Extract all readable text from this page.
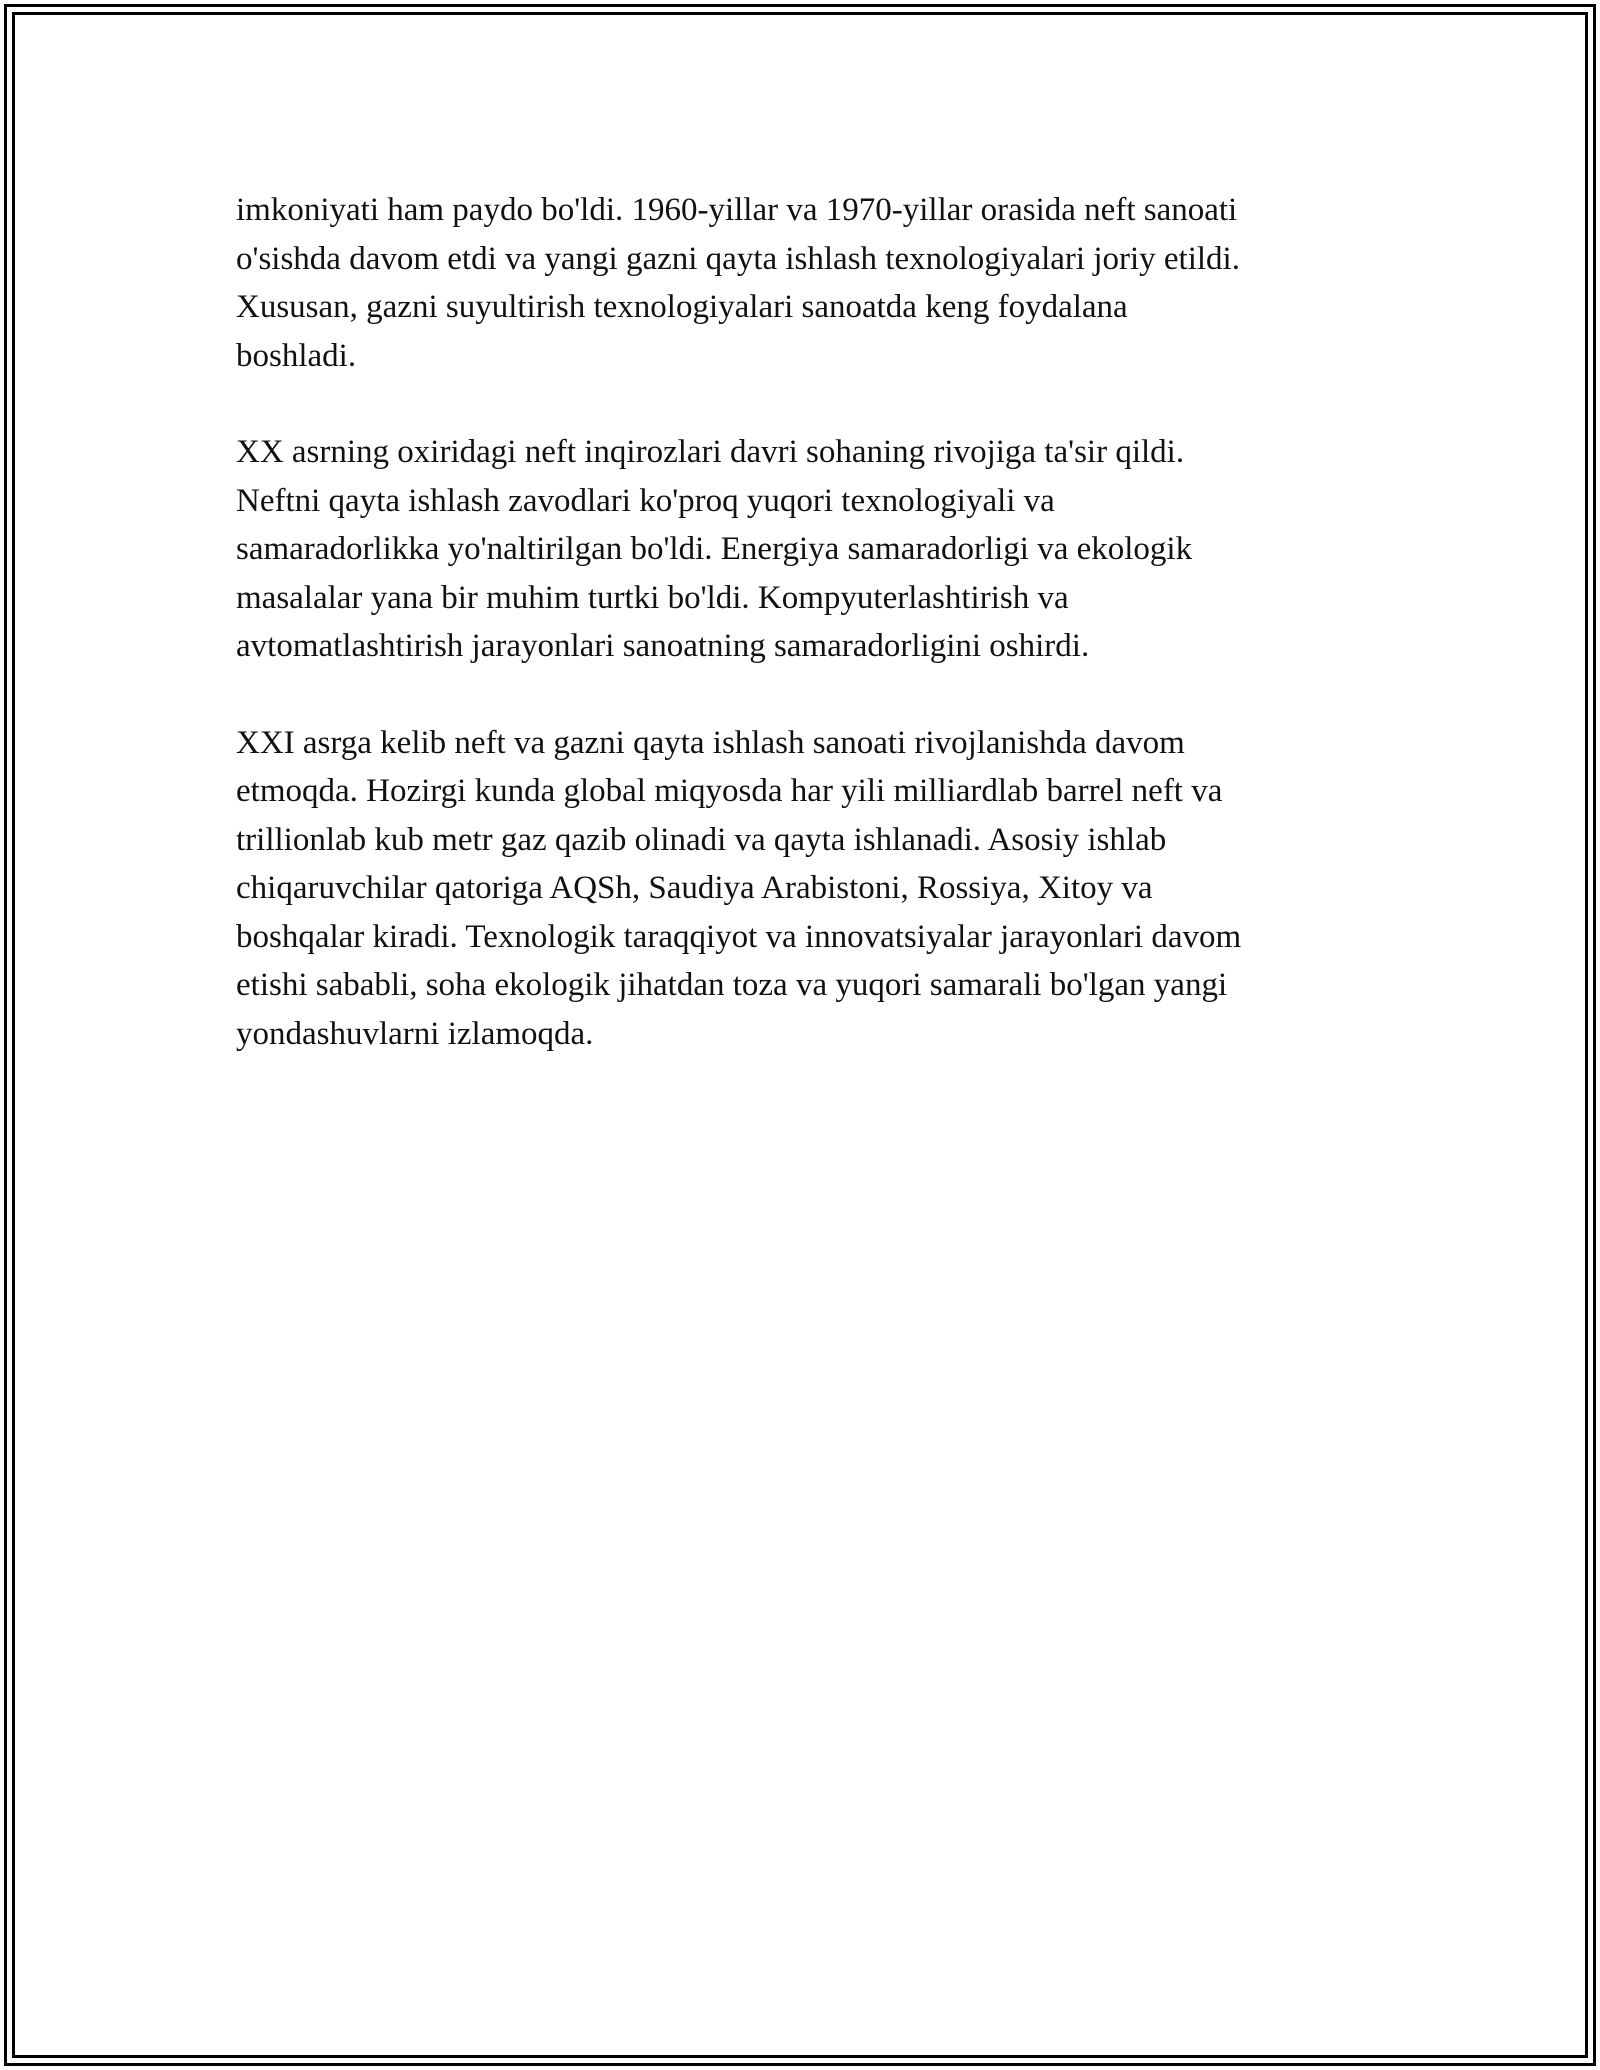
imkoniyati ham paydo bo'ldi. 1960-yillar va 1970-yillar orasida neft sanoati
o'sishda davom etdi va yangi gazni qayta ishlash texnologiyalari joriy etildi.
Xususan, gazni suyultirish texnologiyalari sanoatda keng foydalana
boshladi.

XX asrning oxiridagi neft inqirozlari davri sohaning rivojiga ta'sir qildi.
Neftni qayta ishlash zavodlari ko'proq yuqori texnologiyali va
samaradorlikka yo'naltirilgan bo'ldi. Energiya samaradorligi va ekologik
masalalar yana bir muhim turtki bo'ldi. Kompyuterlashtirish va
avtomatlashtirish jarayonlari sanoatning samaradorligini oshirdi.

XXI asrga kelib neft va gazni qayta ishlash sanoati rivojlanishda davom
etmoqda. Hozirgi kunda global miqyosda har yili milliardlab barrel neft va
trillionlab kub metr gaz qazib olinadi va qayta ishlanadi. Asosiy ishlab
chiqaruvchilar qatoriga AQSh, Saudiya Arabistoni, Rossiya, Xitoy va
boshqalar kiradi. Texnologik taraqqiyot va innovatsiyalar jarayonlari davom
etishi sababli, soha ekologik jihatdan toza va yuqori samarali bo'lgan yangi
yondashuvlarni izlamoqda.
